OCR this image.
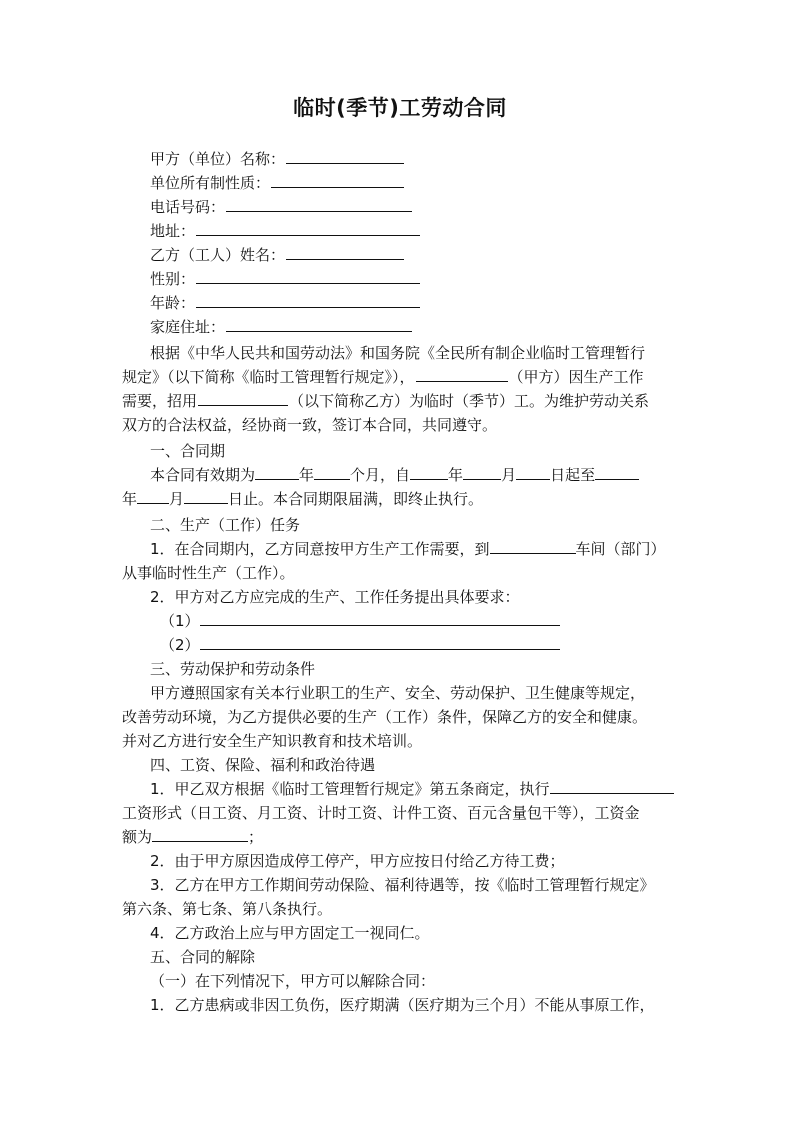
临时(季节)工劳动合同
甲方（单位）名称：
单位所有制性质：
电话号码：
地址：
乙方（工人）姓名：
性别：
年龄：
家庭住址：
根据《中华人民共和国劳动法》和国务院《全民所有制企业临时工管理暂行
规定》（以下简称《临时工管理暂行规定》），	（甲方）因生产工作
需要，招用	（以下简称乙方）为临时（季节）工。为维护劳动关系
双方的合法权益，经协商一致，签订本合同，共同遵守。
一、合同期
本合同有效期为	年 个月，自	年	月 日起至
年 月	日止。本合同期限届满，即终止执行。
二、生产（工作）任务
1．在合同期内，乙方同意按甲方生产工作需要，到	车间（部门）
从事临时性生产（工作）。
2．甲方对乙方应完成的生产、工作任务提出具体要求：
（1）
（2）
三、劳动保护和劳动条件
甲方遵照国家有关本行业职工的生产、安全、劳动保护、卫生健康等规定，
改善劳动环境，为乙方提供必要的生产（工作）条件，保障乙方的安全和健康。
并对乙方进行安全生产知识教育和技术培训。
四、工资、保险、福利和政治待遇
1．甲乙双方根据《临时工管理暂行规定》第五条商定，执行
工资形式（日工资、月工资、计时工资、计件工资、百元含量包干等），工资金
额为	；
2．由于甲方原因造成停工停产，甲方应按日付给乙方待工费；
3．乙方在甲方工作期间劳动保险、福利待遇等，按《临时工管理暂行规定》
第六条、第七条、第八条执行。
4．乙方政治上应与甲方固定工一视同仁。
五、合同的解除
（一）在下列情况下，甲方可以解除合同：
1．乙方患病或非因工负伤，医疗期满（医疗期为三个月）不能从事原工作，
